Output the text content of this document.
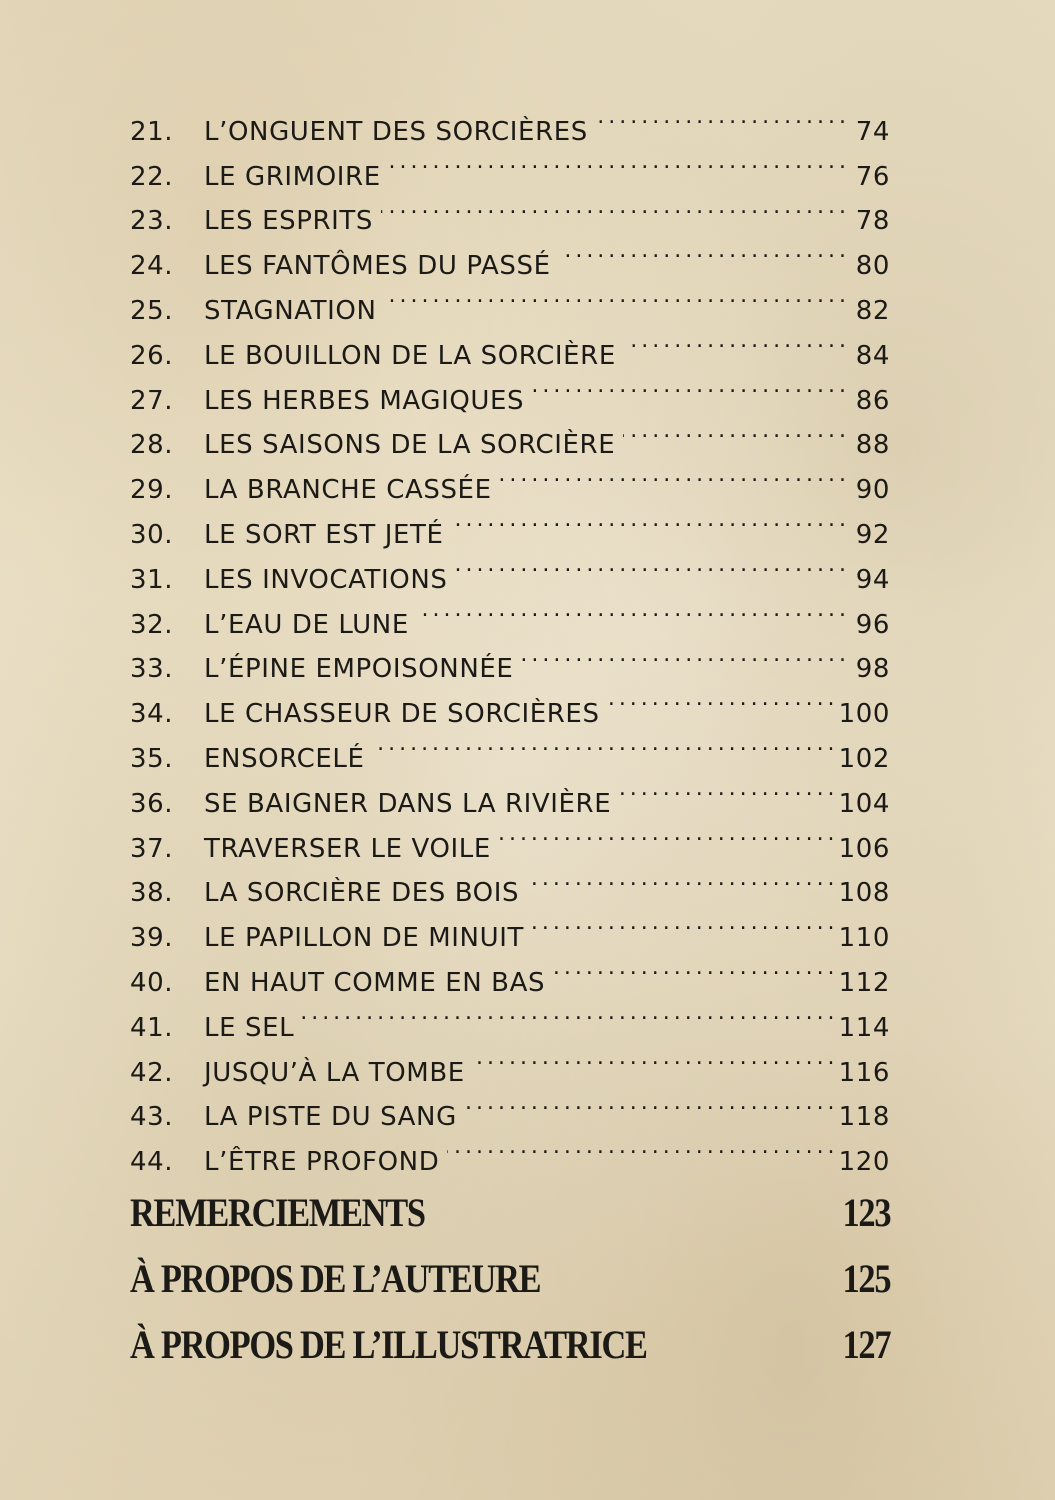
21.	L’ONGUENT DES SORCIÈRES . . .	74
22.	LE GRIMOIRE . . .	76
23.	LES ESPRITS . . .	78
24.	LES FANTÔMES DU PASSÉ . . .	80
25.	STAGNATION . . .	82
26.	LE BOUILLON DE LA SORCIÈRE . . .	84
27.	LES HERBES MAGIQUES . . .	86
28.	LES SAISONS DE LA SORCIÈRE . . .	88
29.	LA BRANCHE CASSÉE . . .	90
30.	LE SORT EST JETÉ . . .	92
31.	LES INVOCATIONS . . .	94
32.	L’EAU DE LUNE . . .	96
33.	L’ÉPINE EMPOISONNÉE . . .	98
34.	LE CHASSEUR DE SORCIÈRES . . .	100
35.	ENSORCELÉ . . .	102
36.	SE BAIGNER DANS LA RIVIÈRE . . .	104
37.	TRAVERSER LE VOILE . . .	106
38.	LA SORCIÈRE DES BOIS . . .	108
39.	LE PAPILLON DE MINUIT . . .	110
40.	EN HAUT COMME EN BAS . . .	112
41.	LE SEL . . .	114
42.	JUSQU’À LA TOMBE . . .	116
43.	LA PISTE DU SANG . . .	118
44.	L’ÊTRE PROFOND . . .	120
REMERCIEMENTS	123
À PROPOS DE L’AUTEURE	125
À PROPOS DE L’ILLUSTRATRICE	127
